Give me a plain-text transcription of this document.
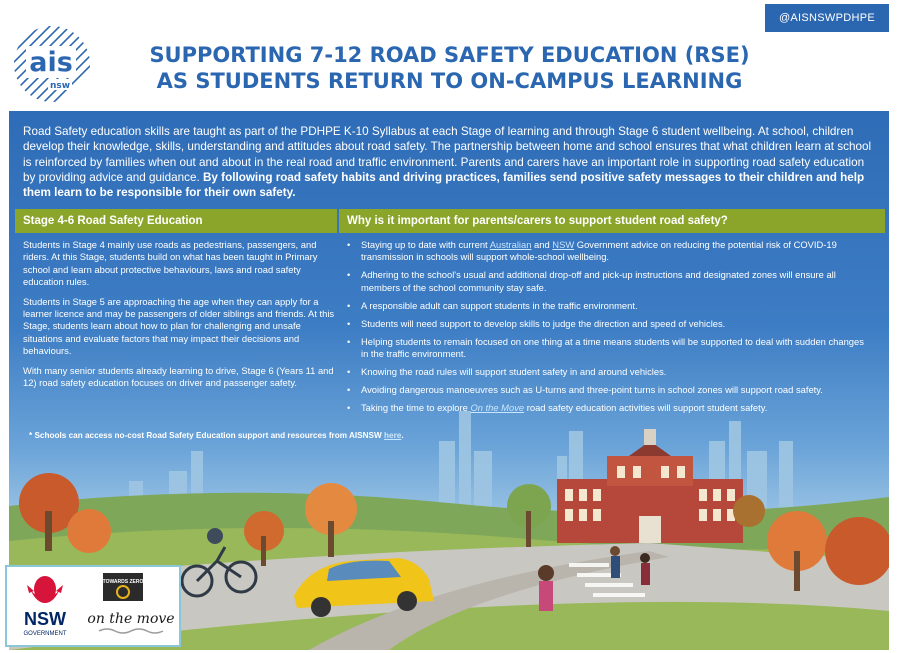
ais
nsw
@AISNSWPDHPE
SUPPORTING 7-12 ROAD SAFETY EDUCATION (RSE)
AS STUDENTS RETURN TO ON-CAMPUS LEARNING

Road Safety education skills are taught as part of the PDHPE K-10 Syllabus at each Stage of learning and through Stage 6 student wellbeing. At school, children develop their knowledge, skills, understanding and attitudes about road safety. The partnership between home and school ensures that what children learn at school is reinforced by families when out and about in the real road and traffic environment. Parents and carers have an important role in supporting road safety education by providing advice and guidance. By following road safety habits and driving practices, families send positive safety messages to their children and help them learn to be responsible for their own safety.

Stage 4-6 Road Safety Education	Why is it important for parents/carers to support student road safety?

Students in Stage 4 mainly use roads as pedestrians, passengers, and riders. At this Stage, students build on what has been taught in Primary school and learn about protective behaviours, laws and road safety education rules.

Students in Stage 5 are approaching the age when they can apply for a learner licence and may be passengers of older siblings and friends. At this Stage, students learn about how to plan for challenging and unsafe situations and evaluate factors that may impact their decisions and behaviours.

With many senior students already learning to drive, Stage 6 (Years 11 and 12) road safety education focuses on driver and passenger safety.

• Staying up to date with current Australian and NSW Government advice on reducing the potential risk of COVID-19 transmission in schools will support whole-school wellbeing.
• Adhering to the school's usual and additional drop-off and pick-up instructions and designated zones will ensure all members of the school community stay safe.
• A responsible adult can support students in the traffic environment.
• Students will need support to develop skills to judge the direction and speed of vehicles.
• Helping students to remain focused on one thing at a time means students will be supported to deal with sudden changes in the traffic environment.
• Knowing the road rules will support student safety in and around vehicles.
• Avoiding dangerous manoeuvres such as U-turns and three-point turns in school zones will support road safety.
• Taking the time to explore On the Move road safety education activities will support student safety.
* Schools can access no-cost Road Safety Education support and resources from AISNSW here.
NSW
GOVERNMENT
TOWARDS ZERO
on the move
